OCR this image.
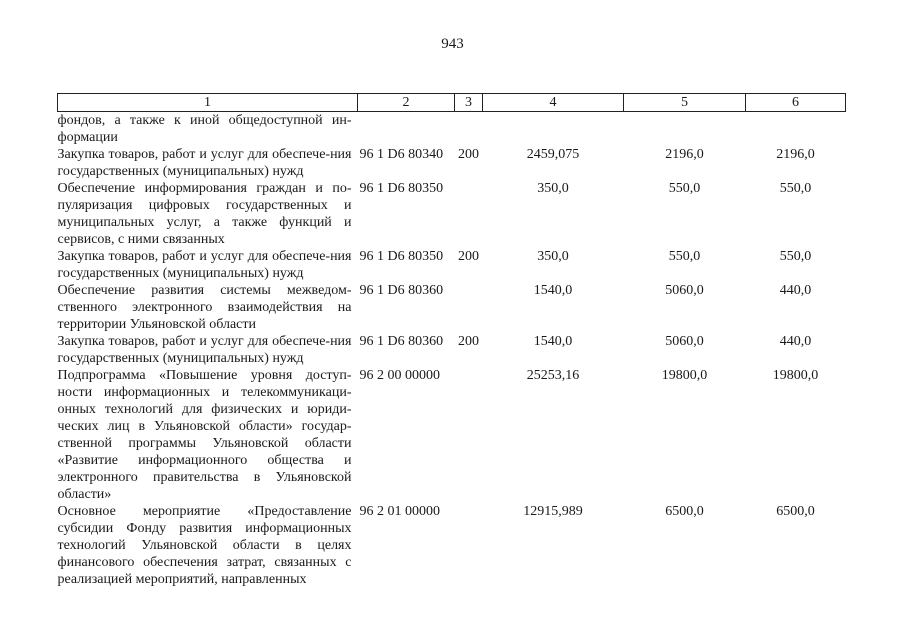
943
1	2	3	4	5	6

фондов, а также к иной общедоступной ин-формации					

Закупка товаров, работ и услуг для обеспече-ния государственных (муниципальных) нужд	96 1 D6 80340	200	2459,075	2196,0	2196,0

Обеспечение информирования граждан и по-пуляризация цифровых государственных и муниципальных услуг, а также функций и сервисов, с ними связанных	96 1 D6 80350		350,0	550,0	550,0

Закупка товаров, работ и услуг для обеспече-ния государственных (муниципальных) нужд	96 1 D6 80350	200	350,0	550,0	550,0

Обеспечение развития системы межведом-ственного электронного взаимодействия на территории Ульяновской области	96 1 D6 80360		1540,0	5060,0	440,0

Закупка товаров, работ и услуг для обеспече-ния государственных (муниципальных) нужд	96 1 D6 80360	200	1540,0	5060,0	440,0

Подпрограмма «Повышение уровня доступ-ности информационных и телекоммуникаци-онных технологий для физических и юриди-ческих лиц в Ульяновской области» государ-ственной программы Ульяновской области «Развитие информационного общества и электронного правительства в Ульяновской области»	96 2 00 00000		25253,16	19800,0	19800,0

Основное мероприятие «Предоставление субсидии Фонду развития информационных технологий Ульяновской области в целях финансового обеспечения затрат, связанных с реализацией мероприятий, направленных	96 2 01 00000		12915,989	6500,0	6500,0
